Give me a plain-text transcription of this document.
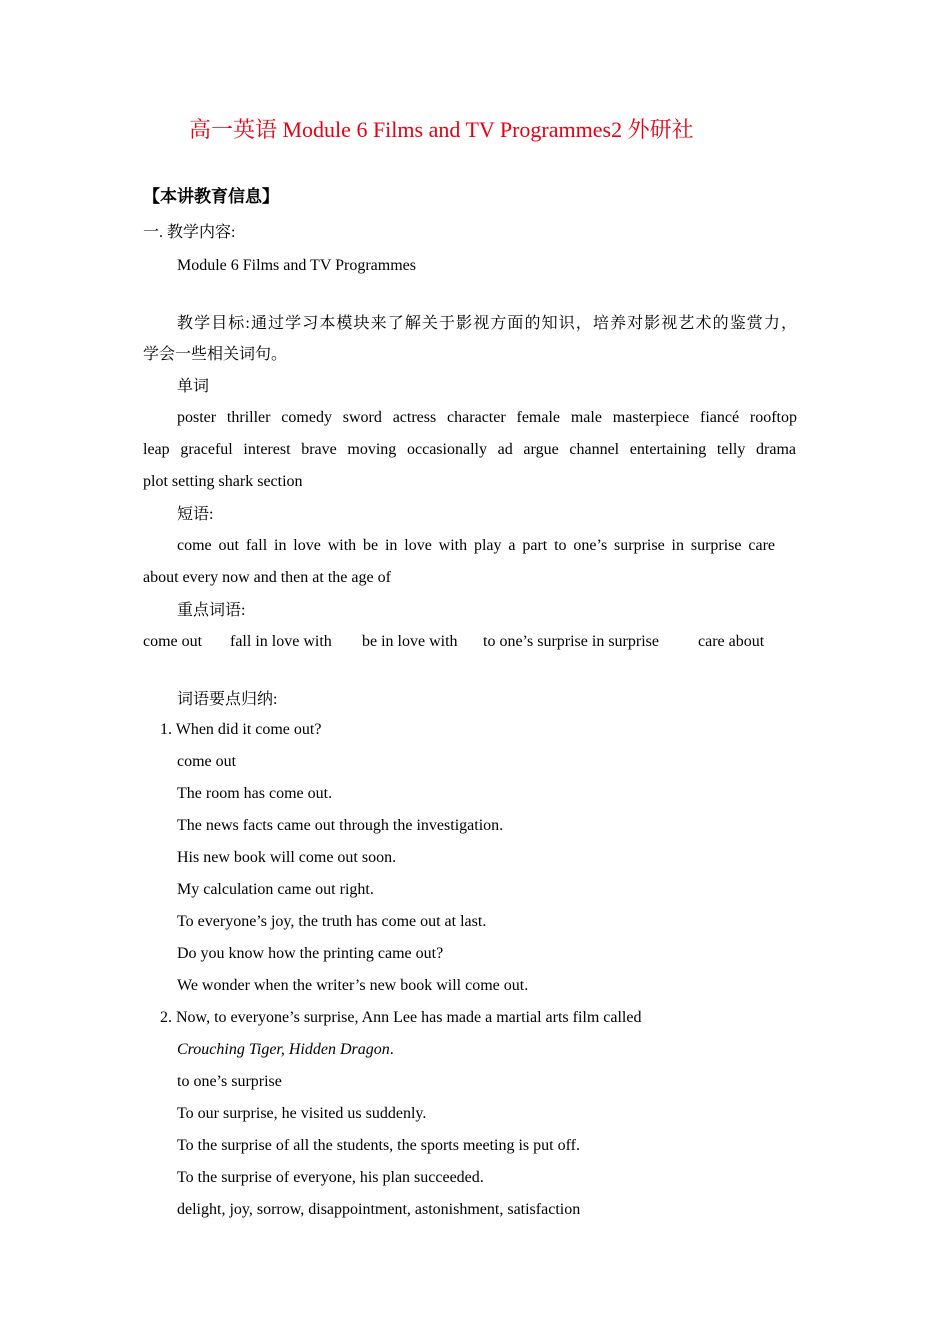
高一英语 Module 6 Films and TV Programmes2 外研社
【本讲教育信息】
一. 教学内容:
Module 6 Films and TV Programmes
教学目标:通过学习本模块来了解关于影视方面的知识，培养对影视艺术的鉴赏力，
学会一些相关词句。
单词
poster thriller comedy sword actress character female male masterpiece fiancé rooftop
leap graceful interest brave moving occasionally ad argue channel entertaining telly drama
plot setting shark section
短语:
come out fall in love with be in love with play a part to one’s surprise in surprise care
about every now and then at the age of
重点词语:
come out fall in love with be in love with to one’s surprise in surprise care about
词语要点归纳:
1. When did it come out?
come out
The room has come out.
The news facts came out through the investigation.
His new book will come out soon.
My calculation came out right.
To everyone’s joy, the truth has come out at last.
Do you know how the printing came out?
We wonder when the writer’s new book will come out.
2. Now, to everyone’s surprise, Ann Lee has made a martial arts film called
Crouching Tiger, Hidden Dragon.
to one’s surprise
To our surprise, he visited us suddenly.
To the surprise of all the students, the sports meeting is put off.
To the surprise of everyone, his plan succeeded.
delight, joy, sorrow, disappointment, astonishment, satisfaction
